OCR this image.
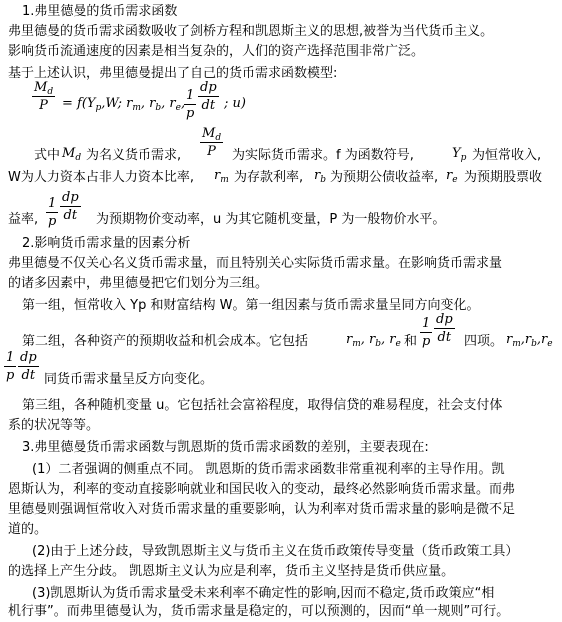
1.弗里德曼的货币需求函数
弗里德曼的货币需求函数吸收了剑桥方程和凯恩斯主义的思想,被誉为当代货币主义。
影响货币流通速度的因素是相当复杂的，人们的资产选择范围非常广泛。
基于上述认识，弗里德曼提出了自己的货币需求函数模型:
$M_d$
P	= $f(Y_p,W$; $r_m$, $r_b$, $r_e$,
1
p
dp
dt ; u)
式中 $M_d$ 为名义货币需求,
$M_d$
P	为实际货币需求。f 为函数符号,	$Y_p$ 为恒常收入,
W为人力资本占非人力资本比率, $r_m$ 为存款利率, $r_b$ 为预期公债收益率, $r_e$ 为预期股票收
益率,
1
p
dp
dt 为预期物价变动率，u 为其它随机变量，P 为一般物价水平。
2.影响货币需求量的因素分析
弗里德曼不仅关心名义货币需求量，而且特别关心实际货币需求量。在影响货币需求量
的诸多因素中，弗里德曼把它们划分为三组。
第一组，恒常收入 Yp 和财富结构 W。第一组因素与货币需求量呈同方向变化。
第二组，各种资产的预期收益和机会成本。它包括	$r_m$, $r_b$, $r_e$ 和
1
p
dp
dt 四项。 $r_m,r_b,r_e$
1
p
dp
dt 同货币需求量呈反方向变化。
第三组，各种随机变量 u。它包括社会富裕程度，取得信贷的难易程度，社会支付体
系的状况等等。
3.弗里德曼货币需求函数与凯恩斯的货币需求函数的差别，主要表现在:
(1）二者强调的侧重点不同。 凯恩斯的货币需求函数非常重视利率的主导作用。凯
恩斯认为，利率的变动直接影响就业和国民收入的变动，最终必然影响货币需求量。而弗
里德曼则强调恒常收入对货币需求量的重要影响，认为利率对货币需求量的影响是微不足
道的。
(2)由于上述分歧，导致凯恩斯主义与货币主义在货币政策传导变量（货币政策工具）
的选择上产生分歧。 凯恩斯主义认为应是利率，货币主义坚持是货币供应量。
(3)凯恩斯认为货币需求量受未来利率不确定性的影响,因而不稳定,货币政策应“相
机行事”。而弗里德曼认为，货币需求量是稳定的，可以预测的，因而“单一规则”可行。
